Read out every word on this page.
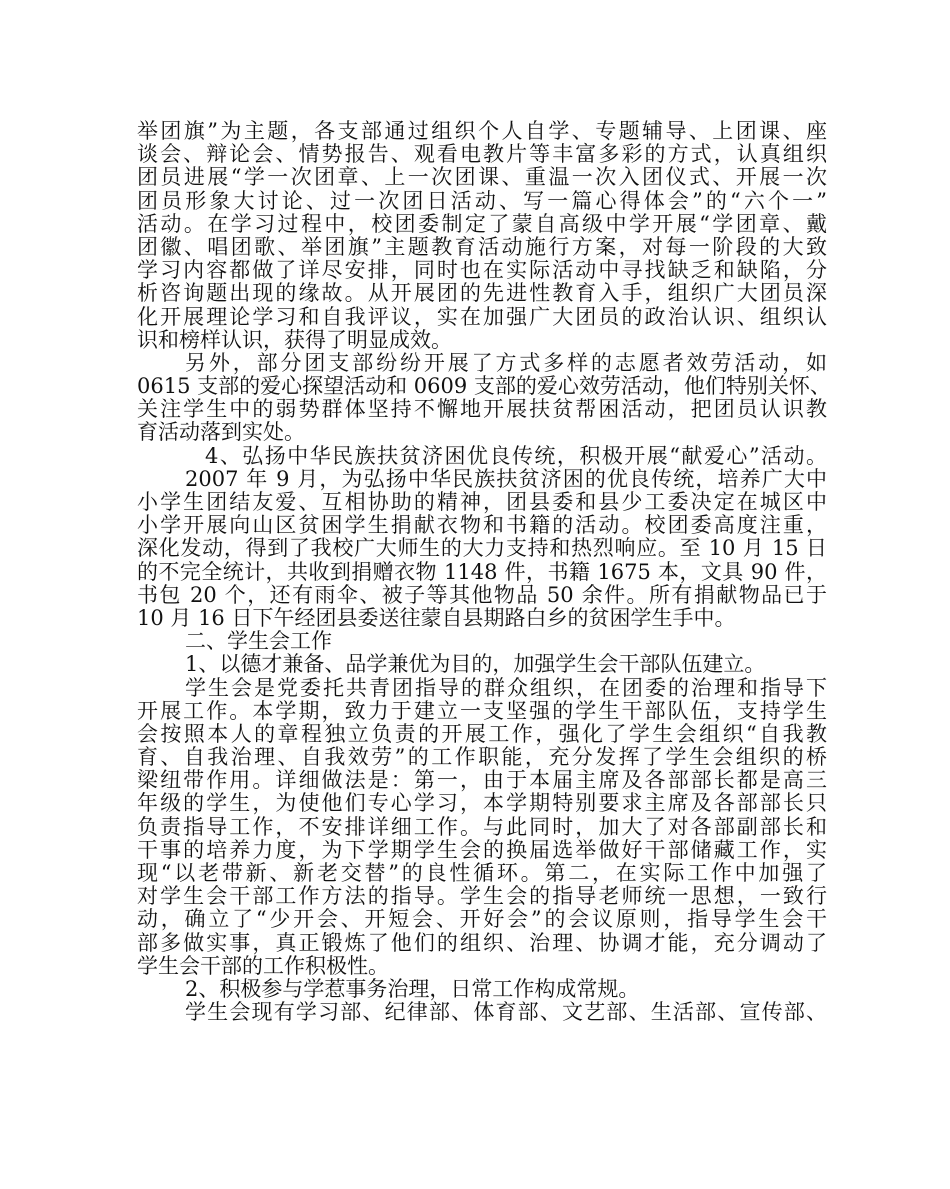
举团旗”为主题，各支部通过组织个人自学、专题辅导、上团课、座
谈会、辩论会、情势报告、观看电教片等丰富多彩的方式，认真组织
团员进展“学一次团章、上一次团课、重温一次入团仪式、开展一次
团员形象大讨论、过一次团日活动、写一篇心得体会”的“六个一”
活动。在学习过程中，校团委制定了蒙自高级中学开展“学团章、戴
团徽、唱团歌、举团旗”主题教育活动施行方案，对每一阶段的大致
学习内容都做了详尽安排，同时也在实际活动中寻找缺乏和缺陷，分
析咨询题出现的缘故。从开展团的先进性教育入手，组织广大团员深
化开展理论学习和自我评议，实在加强广大团员的政治认识、组织认
识和榜样认识，获得了明显成效。
另外，部分团支部纷纷开展了方式多样的志愿者效劳活动，如
0615 支部的爱心探望活动和 0609 支部的爱心效劳活动，他们特别关怀、
关注学生中的弱势群体坚持不懈地开展扶贫帮困活动，把团员认识教
育活动落到实处。
4、弘扬中华民族扶贫济困优良传统，积极开展“献爱心”活动。
2007 年 9 月，为弘扬中华民族扶贫济困的优良传统，培养广大中
小学生团结友爱、互相协助的精神，团县委和县少工委决定在城区中
小学开展向山区贫困学生捐献衣物和书籍的活动。校团委高度注重，
深化发动，得到了我校广大师生的大力支持和热烈响应。至 10 月 15 日
的不完全统计，共收到捐赠衣物 1148 件，书籍 1675 本，文具 90 件，
书包 20 个，还有雨伞、被子等其他物品 50 余件。所有捐献物品已于
10 月 16 日下午经团县委送往蒙自县期路白乡的贫困学生手中。
二、学生会工作
1、以德才兼备、品学兼优为目的，加强学生会干部队伍建立。
学生会是党委托共青团指导的群众组织，在团委的治理和指导下
开展工作。本学期，致力于建立一支坚强的学生干部队伍，支持学生
会按照本人的章程独立负责的开展工作，强化了学生会组织“自我教
育、自我治理、自我效劳”的工作职能，充分发挥了学生会组织的桥
梁纽带作用。详细做法是：第一，由于本届主席及各部部长都是高三
年级的学生，为使他们专心学习，本学期特别要求主席及各部部长只
负责指导工作，不安排详细工作。与此同时，加大了对各部副部长和
干事的培养力度，为下学期学生会的换届选举做好干部储藏工作，实
现“以老带新、新老交替”的良性循环。第二，在实际工作中加强了
对学生会干部工作方法的指导。学生会的指导老师统一思想，一致行
动，确立了“少开会、开短会、开好会”的会议原则，指导学生会干
部多做实事，真正锻炼了他们的组织、治理、协调才能，充分调动了
学生会干部的工作积极性。
2、积极参与学惹事务治理，日常工作构成常规。
学生会现有学习部、纪律部、体育部、文艺部、生活部、宣传部、
